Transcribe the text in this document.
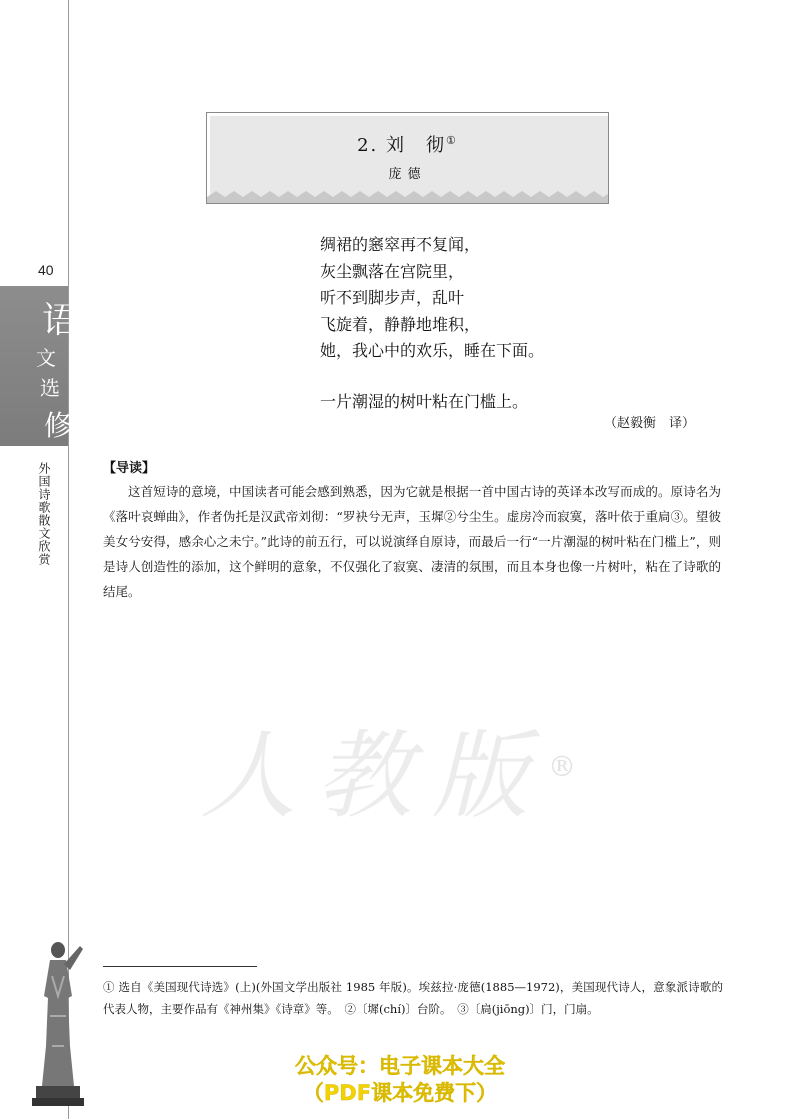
40
语
文
选
修
外国诗歌散文欣赏
2. 刘　彻①
庞德
绸裙的窸窣再不复闻，
灰尘飘落在宫院里，
听不到脚步声，乱叶
飞旋着，静静地堆积，
她，我心中的欢乐，睡在下面。
一片潮湿的树叶粘在门槛上。
（赵毅衡　译）
【导读】
这首短诗的意境，中国读者可能会感到熟悉，因为它就是根据一首中国古诗的英译本改写而成的。原诗名为《落叶哀蝉曲》，作者伪托是汉武帝刘彻：“罗袂兮无声，玉墀②兮尘生。虚房冷而寂寞，落叶依于重扃③。望彼美女兮安得，感余心之未宁。”此诗的前五行，可以说演绎自原诗，而最后一行“一片潮湿的树叶粘在门槛上”，则是诗人创造性的添加，这个鲜明的意象，不仅强化了寂寞、凄清的氛围，而且本身也像一片树叶，粘在了诗歌的结尾。
人教版®
① 选自《美国现代诗选》(上)(外国文学出版社 1985 年版)。埃兹拉·庞德(1885—1972)，美国现代诗人，意象派诗歌的代表人物，主要作品有《神州集》《诗章》等。　②〔墀(chí)〕台阶。　③〔扃(jiōng)〕门，门扇。
公众号：电子课本大全
（PDF课本免费下）
